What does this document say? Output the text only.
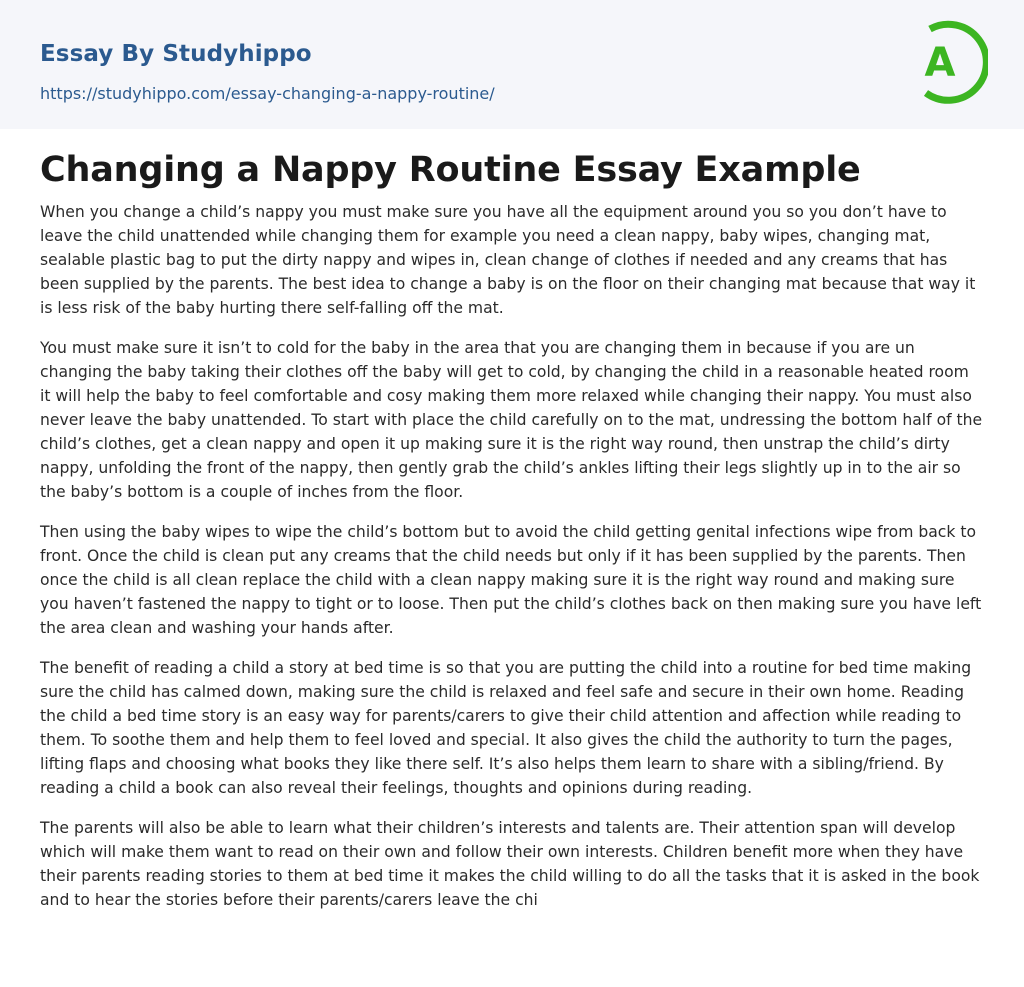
Essay By Studyhippo
https://studyhippo.com/essay-changing-a-nappy-routine/
A
Changing a Nappy Routine Essay Example

When you change a child’s nappy you must make sure you have all the equipment around you so you don’t have to leave the child unattended while changing them for example you need a clean nappy, baby wipes, changing mat, sealable plastic bag to put the dirty nappy and wipes in, clean change of clothes if needed and any creams that has been supplied by the parents. The best idea to change a baby is on the floor on their changing mat because that way it is less risk of the baby hurting there self-falling off the mat.

You must make sure it isn’t to cold for the baby in the area that you are changing them in because if you are un changing the baby taking their clothes off the baby will get to cold, by changing the child in a reasonable heated room it will help the baby to feel comfortable and cosy making them more relaxed while changing their nappy. You must also never leave the baby unattended. To start with place the child carefully on to the mat, undressing the bottom half of the child’s clothes, get a clean nappy and open it up making sure it is the right way round, then unstrap the child’s dirty nappy, unfolding the front of the nappy, then gently grab the child’s ankles lifting their legs slightly up in to the air so the baby’s bottom is a couple of inches from the floor.

Then using the baby wipes to wipe the child’s bottom but to avoid the child getting genital infections wipe from back to front. Once the child is clean put any creams that the child needs but only if it has been supplied by the parents. Then once the child is all clean replace the child with a clean nappy making sure it is the right way round and making sure you haven’t fastened the nappy to tight or to loose. Then put the child’s clothes back on then making sure you have left the area clean and washing your hands after.

The benefit of reading a child a story at bed time is so that you are putting the child into a routine for bed time making sure the child has calmed down, making sure the child is relaxed and feel safe and secure in their own home. Reading the child a bed time story is an easy way for parents/carers to give their child attention and affection while reading to them. To soothe them and help them to feel loved and special. It also gives the child the authority to turn the pages, lifting flaps and choosing what books they like there self. It’s also helps them learn to share with a sibling/friend. By reading a child a book can also reveal their feelings, thoughts and opinions during reading.

The parents will also be able to learn what their children’s interests and talents are. Their attention span will develop which will make them want to read on their own and follow their own interests. Children benefit more when they have their parents reading stories to them at bed time it makes the child willing to do all the tasks that it is asked in the book and to hear the stories before their parents/carers leave the chi
